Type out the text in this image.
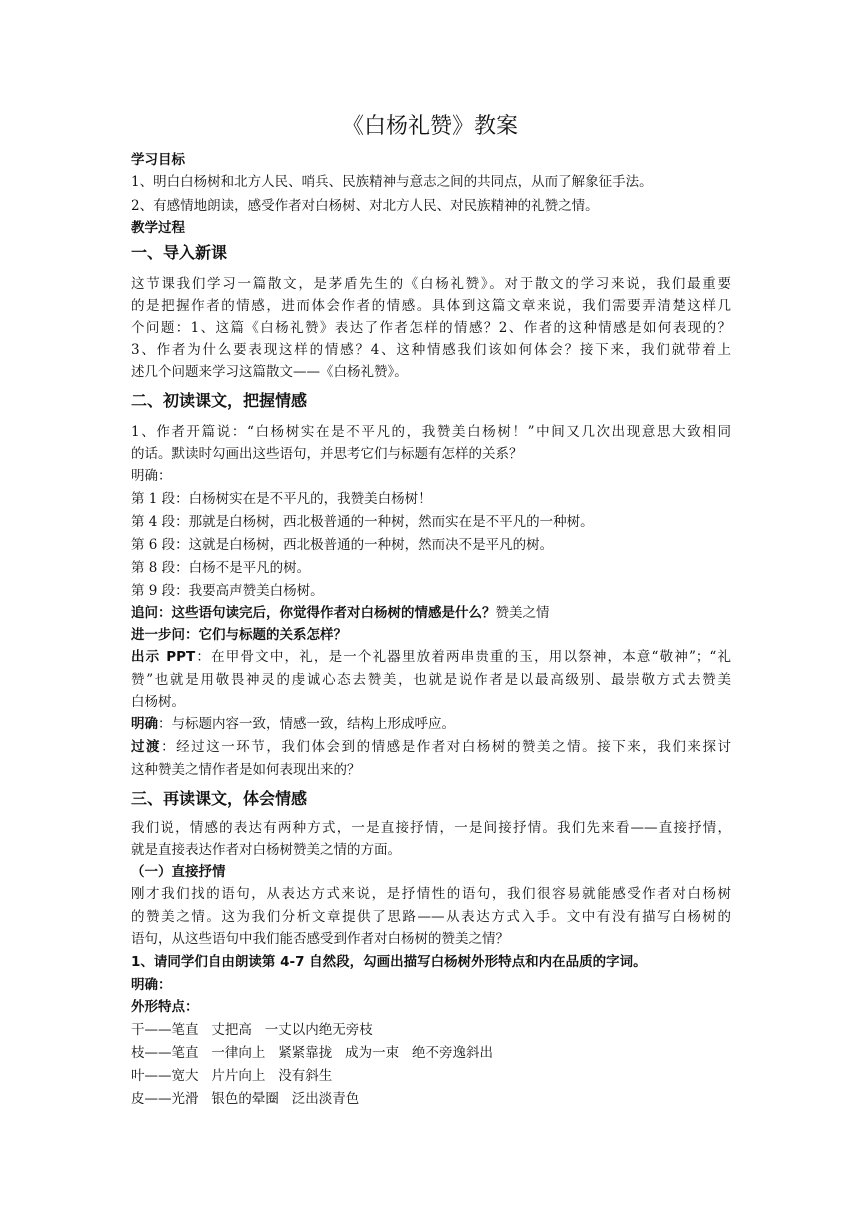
《白杨礼赞》教案
学习目标
1、明白白杨树和北方人民、哨兵、民族精神与意志之间的共同点，从而了解象征手法。
2、有感情地朗读，感受作者对白杨树、对北方人民、对民族精神的礼赞之情。
教学过程
一、导入新课
这节课我们学习一篇散文，是茅盾先生的《白杨礼赞》。对于散文的学习来说，我们最重要
的是把握作者的情感，进而体会作者的情感。具体到这篇文章来说，我们需要弄清楚这样几
个问题：1、这篇《白杨礼赞》表达了作者怎样的情感？2、作者的这种情感是如何表现的？
3、作者为什么要表现这样的情感？4、这种情感我们该如何体会？接下来，我们就带着上
述几个问题来学习这篇散文——《白杨礼赞》。
二、初读课文，把握情感
1、作者开篇说：“白杨树实在是不平凡的，我赞美白杨树！”中间又几次出现意思大致相同
的话。默读时勾画出这些语句，并思考它们与标题有怎样的关系？
明确：
第 1 段：白杨树实在是不平凡的，我赞美白杨树！
第 4 段：那就是白杨树，西北极普通的一种树，然而实在是不平凡的一种树。
第 6 段：这就是白杨树，西北极普通的一种树，然而决不是平凡的树。
第 8 段：白杨不是平凡的树。
第 9 段：我要高声赞美白杨树。
追问：这些语句读完后，你觉得作者对白杨树的情感是什么？赞美之情
进一步问：它们与标题的关系怎样？
出示 PPT：在甲骨文中，礼，是一个礼器里放着两串贵重的玉，用以祭神，本意“敬神”；“礼
赞”也就是用敬畏神灵的虔诚心态去赞美，也就是说作者是以最高级别、最崇敬方式去赞美
白杨树。
明确：与标题内容一致，情感一致，结构上形成呼应。
过渡：经过这一环节，我们体会到的情感是作者对白杨树的赞美之情。接下来，我们来探讨
这种赞美之情作者是如何表现出来的？
三、再读课文，体会情感
我们说，情感的表达有两种方式，一是直接抒情，一是间接抒情。我们先来看——直接抒情，
就是直接表达作者对白杨树赞美之情的方面。
（一）直接抒情
刚才我们找的语句，从表达方式来说，是抒情性的语句，我们很容易就能感受作者对白杨树
的赞美之情。这为我们分析文章提供了思路——从表达方式入手。文中有没有描写白杨树的
语句，从这些语句中我们能否感受到作者对白杨树的赞美之情？
1、请同学们自由朗读第 4-7 自然段，勾画出描写白杨树外形特点和内在品质的字词。
明确：
外形特点：
干——笔直   丈把高   一丈以内绝无旁枝
枝——笔直   一律向上   紧紧靠拢   成为一束   绝不旁逸斜出
叶——宽大   片片向上   没有斜生
皮——光滑   银色的晕圈   泛出淡青色
